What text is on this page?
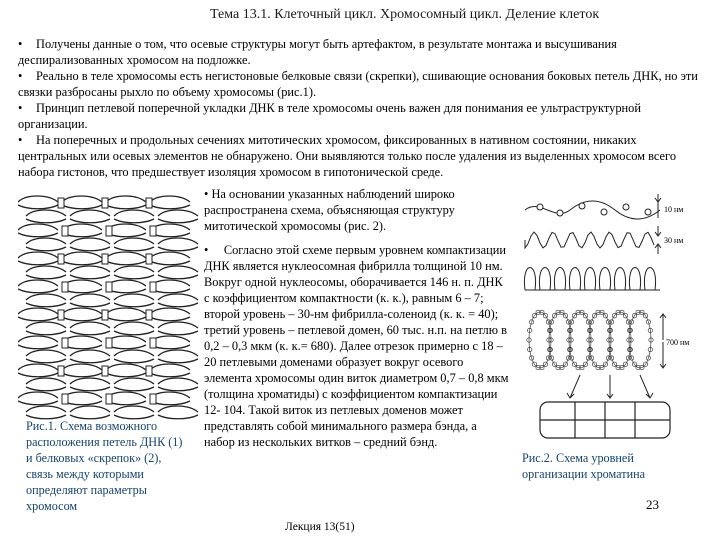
Тема 13.1. Клеточный цикл. Хромосомный цикл. Деление клеток

• Получены данные о том, что осевые структуры могут быть артефактом, в результате монтажа и высушивания деспирализованных хромосом на подложке.

• Реально в теле хромосомы есть негистоновые белковые связи (скрепки), сшивающие основания боковых петель ДНК, но эти связки разбросаны рыхло по объему хромосомы (рис.1).

• Принцип петлевой поперечной укладки ДНК в теле хромосомы очень важен для понимания ее ультраструктурной организации.

• На поперечных и продольных сечениях митотических хромосом, фиксированных в нативном состоянии, никаких центральных или осевых элементов не обнаружено. Они выявляются только после удаления из выделенных хромосом всего набора гистонов, что предшествует изоляция хромосом в гипотонической среде.

Рис.1. Схема возможного расположения петель ДНК (1) и белковых «скрепок» (2), связь между которыми определяют параметры хромосом

• На основании указанных наблюдений широко распространена схема, объясняющая структуру митотической хромосомы (рис. 2).

• Согласно этой схеме первым уровнем компактизации ДНК является нуклеосомная фибрилла толщиной 10 нм. Вокруг одной нуклеосомы, оборачивается 146 н. п. ДНК с коэффициентом компактности (к. к.), равным 6 – 7; второй уровень – 30-нм фибрилла-соленоид (к. к. = 40); третий уровень – петлевой домен, 60 тыс. н.п. на петлю в 0,2 – 0,3 мкм (к. к.= 680). Далее отрезок примерно с 18 – 20 петлевыми доменами образует вокруг осевого элемента хромосомы один виток диаметром 0,7 – 0,8 мкм (толщина хроматиды) с коэффициентом компактизации 12- 104. Такой виток из петлевых доменов может представлять собой минимального размера бэнда, а набор из нескольких витков – средний бэнд.

10 нм
30 нм
700 нм
Рис.2. Схема уровней организации хроматина
23
Лекция 13(51)
